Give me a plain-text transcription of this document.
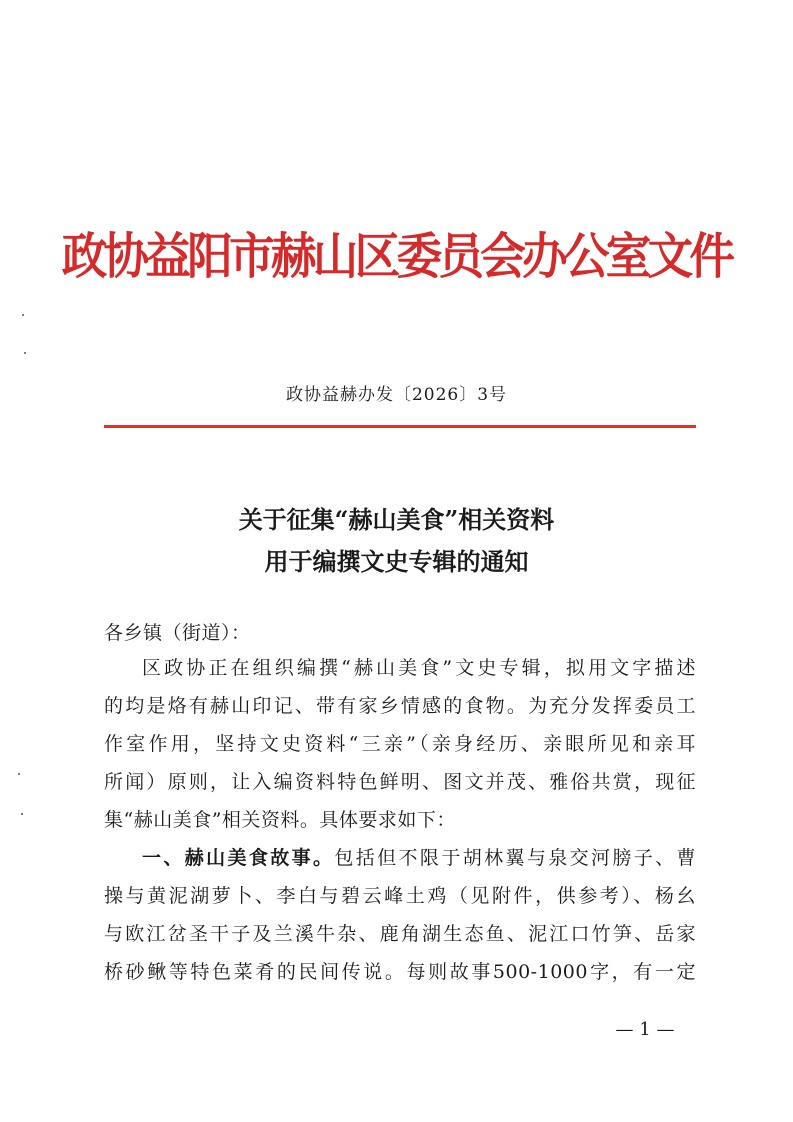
政协益阳市赫山区委员会办公室文件
政协益赫办发〔2026〕3号
关于征集“赫山美食”相关资料
用于编撰文史专辑的通知
各乡镇（街道）：
区政协正在组织编撰“赫山美食”文史专辑，拟用文字描述
的均是烙有赫山印记、带有家乡情感的食物。为充分发挥委员工
作室作用，坚持文史资料“三亲”（亲身经历、亲眼所见和亲耳
所闻）原则，让入编资料特色鲜明、图文并茂、雅俗共赏，现征
集“赫山美食”相关资料。具体要求如下：
一、赫山美食故事。包括但不限于胡林翼与泉交河膀子、曹
操与黄泥湖萝卜、李白与碧云峰土鸡（见附件，供参考）、杨幺
与欧江岔圣干子及兰溪牛杂、鹿角湖生态鱼、泥江口竹笋、岳家
桥砂鳅等特色菜肴的民间传说。每则故事500-1000字，有一定
— 1 —
